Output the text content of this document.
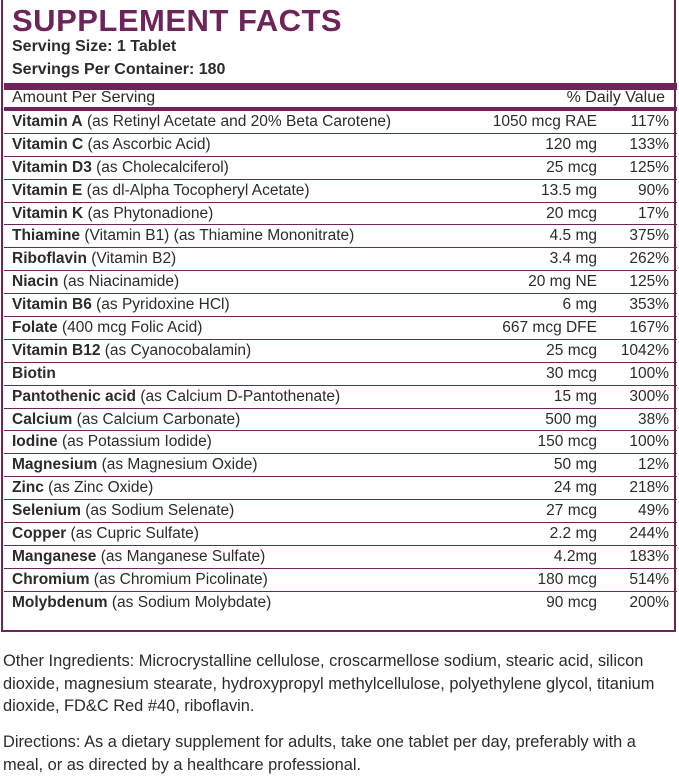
SUPPLEMENT FACTS
Serving Size: 1 Tablet
Servings Per Container: 180
Amount Per Serving	% Daily Value
Vitamin A (as Retinyl Acetate and 20% Beta Carotene)	1050 mcg RAE 117%
Vitamin C (as Ascorbic Acid)	120 mg 133%
Vitamin D3 (as Cholecalciferol)	25 mcg 125%
Vitamin E (as dl-Alpha Tocopheryl Acetate)	13.5 mg	90%
Vitamin K (as Phytonadione)	20 mcg	17%
Thiamine (Vitamin B1) (as Thiamine Mononitrate)	4.5 mg 375%
Riboflavin (Vitamin B2)	3.4 mg 262%
Niacin (as Niacinamide)	20 mg NE 125%
Vitamin B6 (as Pyridoxine HCl)	6 mg 353%
Folate (400 mcg Folic Acid)	667 mcg DFE 167%
Vitamin B12 (as Cyanocobalamin)	25 mcg 1042%
Biotin	30 mcg 100%
Pantothenic acid (as Calcium D-Pantothenate)	15 mg 300%
Calcium (as Calcium Carbonate)	500 mg	38%
Iodine (as Potassium Iodide)	150 mcg 100%
Magnesium (as Magnesium Oxide)	50 mg	12%
Zinc (as Zinc Oxide)	24 mg 218%
Selenium (as Sodium Selenate)	27 mcg	49%
Copper (as Cupric Sulfate)	2.2 mg 244%
Manganese (as Manganese Sulfate)	4.2mg 183%
Chromium (as Chromium Picolinate)	180 mcg 514%
Molybdenum (as Sodium Molybdate)	90 mcg 200%

Other Ingredients: Microcrystalline cellulose, croscarmellose sodium, stearic acid, silicon dioxide, magnesium stearate, hydroxypropyl methylcellulose, polyethylene glycol, titanium dioxide, FD&C Red #40, riboflavin.

Directions: As a dietary supplement for adults, take one tablet per day, preferably with a meal, or as directed by a healthcare professional.
